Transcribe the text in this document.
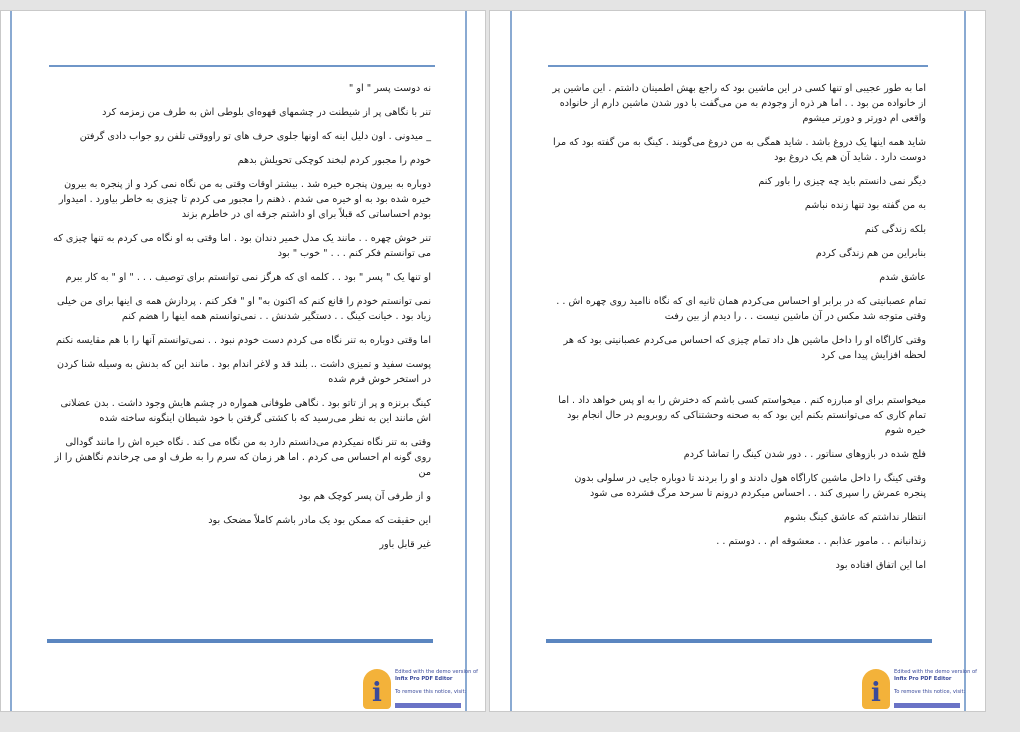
نه دوست پسر " او "

تنر با نگاهی پر از شیطنت در چشمهای قهوه‌ای بلوطی اش به طرف من زمزمه کرد

_ میدونی . اون دلیل اینه که اونها جلوی حرف های تو راووقتی تلفن رو جواب دادی گرفتن

خودم را مجبور کردم لبخند کوچکی تحویلش بدهم

دوباره به بیرون پنجره خیره شد . بیشتر اوقات وقتی به من نگاه نمی کرد و از پنجره به بیرون خیره شده بود به او خیره می شدم . ذهنم را مجبور می کردم تا چیزی به خاطر بیاورد . امیدوار بودم احساساتی که قبلاً برای او داشتم جرقه ای در خاطرم بزند

تنر خوش چهره . . مانند یک مدل خمیر دندان بود . اما وقتی به او نگاه می کردم به تنها چیزی که می توانستم فکر کنم . . . " خوب " بود

او تنها یک " پسر " بود . . کلمه ای که هرگز نمی توانستم برای توصیف . . . " او " به کار ببرم

نمی توانستم خودم را قانع کنم که اکنون به" او " فکر کنم . پردازش همه ی اینها برای من خیلی زیاد بود . خیانت کینگ . . دستگیر شدنش . . نمی‌توانستم همه اینها را هضم کنم

اما وقتی دوباره به تنر نگاه می کردم دست خودم نبود . . نمی‌توانستم آنها را با هم مقایسه نکنم

پوست سفید و تمیزی داشت .. بلند قد و لاغر اندام بود . مانند این که بدنش به وسیله شنا کردن در استخر خوش فرم شده

کینگ برنزه و پر از تاتو بود . نگاهی طوفانی همواره در چشم هایش وجود داشت . بدن عضلانی اش مانند این به نظر می‌رسید که با کشتی گرفتن با خود شیطان اینگونه ساخته شده

وقتی به تنر نگاه نمیکردم می‌دانستم دارد به من نگاه می کند . نگاه خیره اش را مانند گودالی روی گونه ام احساس می کردم . اما هر زمان که سرم را به طرف او می چرخاندم نگاهش را از من

و از طرفی آن پسر کوچک هم بود

این حقیقت که ممکن بود یک مادر باشم کاملاً مضحک بود

غیر قابل باور

i
Edited with the demo version of
Infix Pro PDF Editor
To remove this notice, visit:

اما به طور عجیبی او تنها کسی در این ماشین بود که راجع بهش اطمینان داشتم . این ماشین پر از خانواده من بود . . اما هر ذره از وجودم به من می‌گفت با دور شدن ماشین دارم از خانواده واقعی ام دورتر و دورتر میشوم

شاید همه اینها یک دروغ باشد . شاید همگی به من دروغ می‌گویند . کینگ به من گفته بود که مرا دوست دارد . شاید آن هم یک دروغ بود

دیگر نمی دانستم باید چه چیزی را باور کنم

به من گفته بود تنها زنده نباشم

بلکه زندگی کنم

بنابراین من هم زندگی کردم

عاشق شدم

تمام عصبانیتی که در برابر او احساس می‌کردم همان ثانیه ای که نگاه ناامید روی چهره اش . . وقتی متوجه شد مکس در آن ماشین نیست . . را دیدم از بین رفت

وقتی کاراگاه او را داخل ماشین هل داد تمام چیزی که احساس می‌کردم عصبانیتی بود که هر لحظه افزایش پیدا می کرد

میخواستم برای او مبارزه کنم . میخواستم کسی باشم که دخترش را به او پس خواهد داد . اما تمام کاری که می‌توانستم بکنم این بود که به صحنه وحشتناکی که روبرویم در حال انجام بود خیره شوم

فلج شده در بازوهای سناتور . . دور شدن کینگ را تماشا کردم

وقتی کینگ را داخل ماشین کاراگاه هول دادند و او را بردند تا دوباره جایی در سلولی بدون پنجره عمرش را سپری کند . . احساس میکردم درونم تا سرحد مرگ فشرده می شود

انتظار نداشتم که عاشق کینگ بشوم

زندانبانم . . مامور عذابم . . معشوقه ام . . دوستم . .

اما این اتفاق افتاده بود

i
Edited with the demo version of
Infix Pro PDF Editor
To remove this notice, visit:
